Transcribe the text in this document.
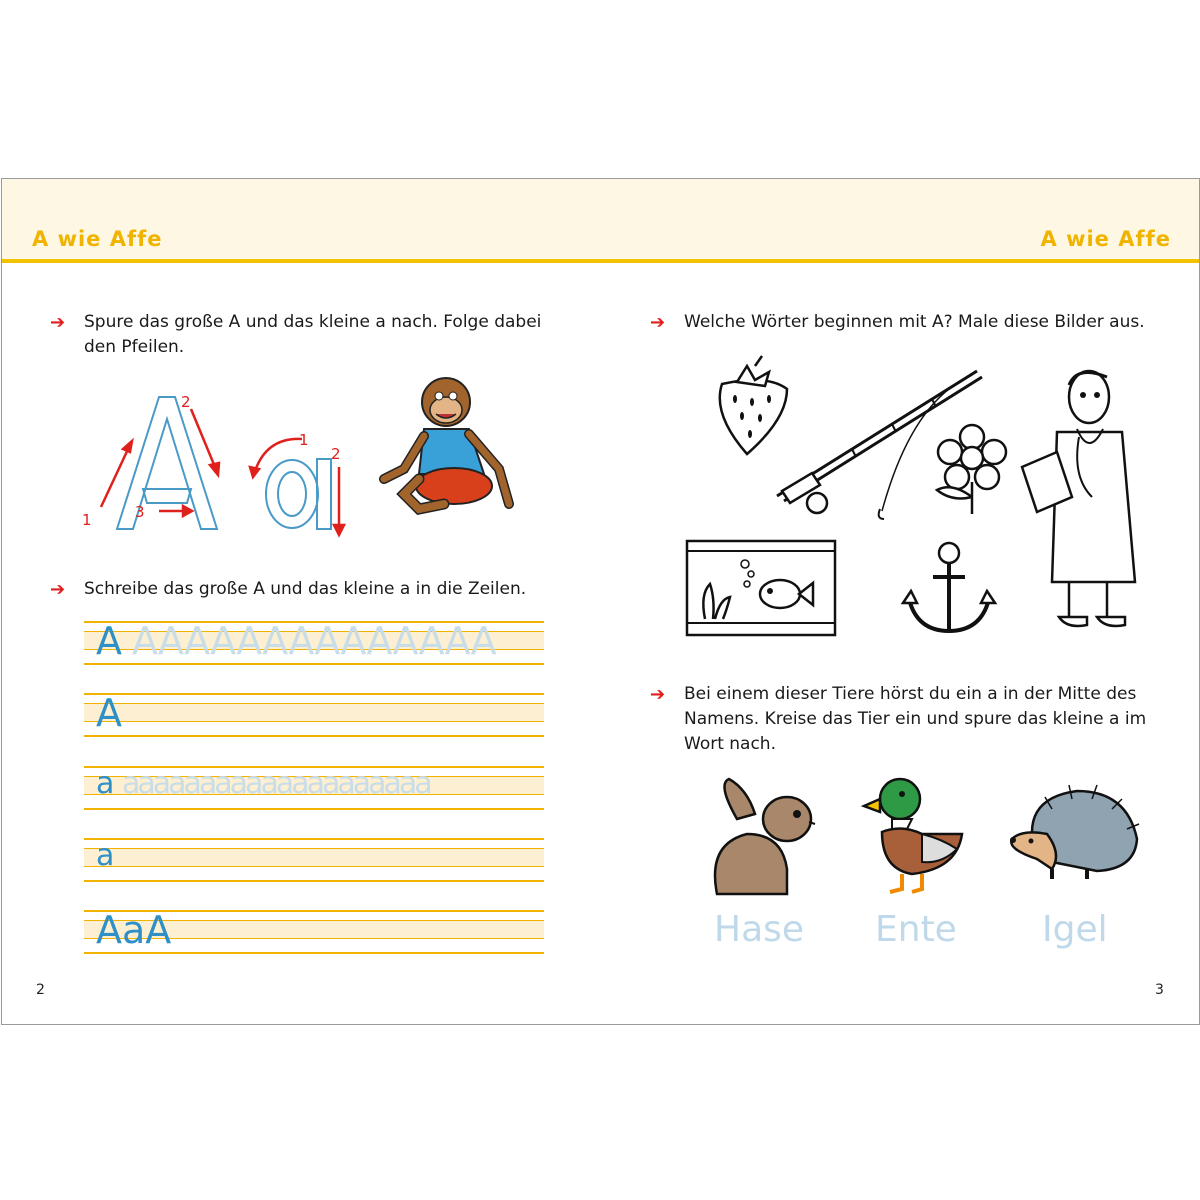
A wie Affe	A wie Affe
➔ Spure das große A und das kleine a nach. Folge dabei den Pfeilen.
1
2
3
1
2
➔ Schreibe das große A und das kleine a in die Zeilen.
A AAAAAAAAAAAAAA
A
a aaaaaaaaaaaaaaaaaaaa
a
AaA
2
➔ Welche Wörter beginnen mit A? Male diese Bilder aus.
➔ Bei einem dieser Tiere hörst du ein a in der Mitte des Namens. Kreise das Tier ein und spure das kleine a im Wort nach.
Hase Ente Igel
3
